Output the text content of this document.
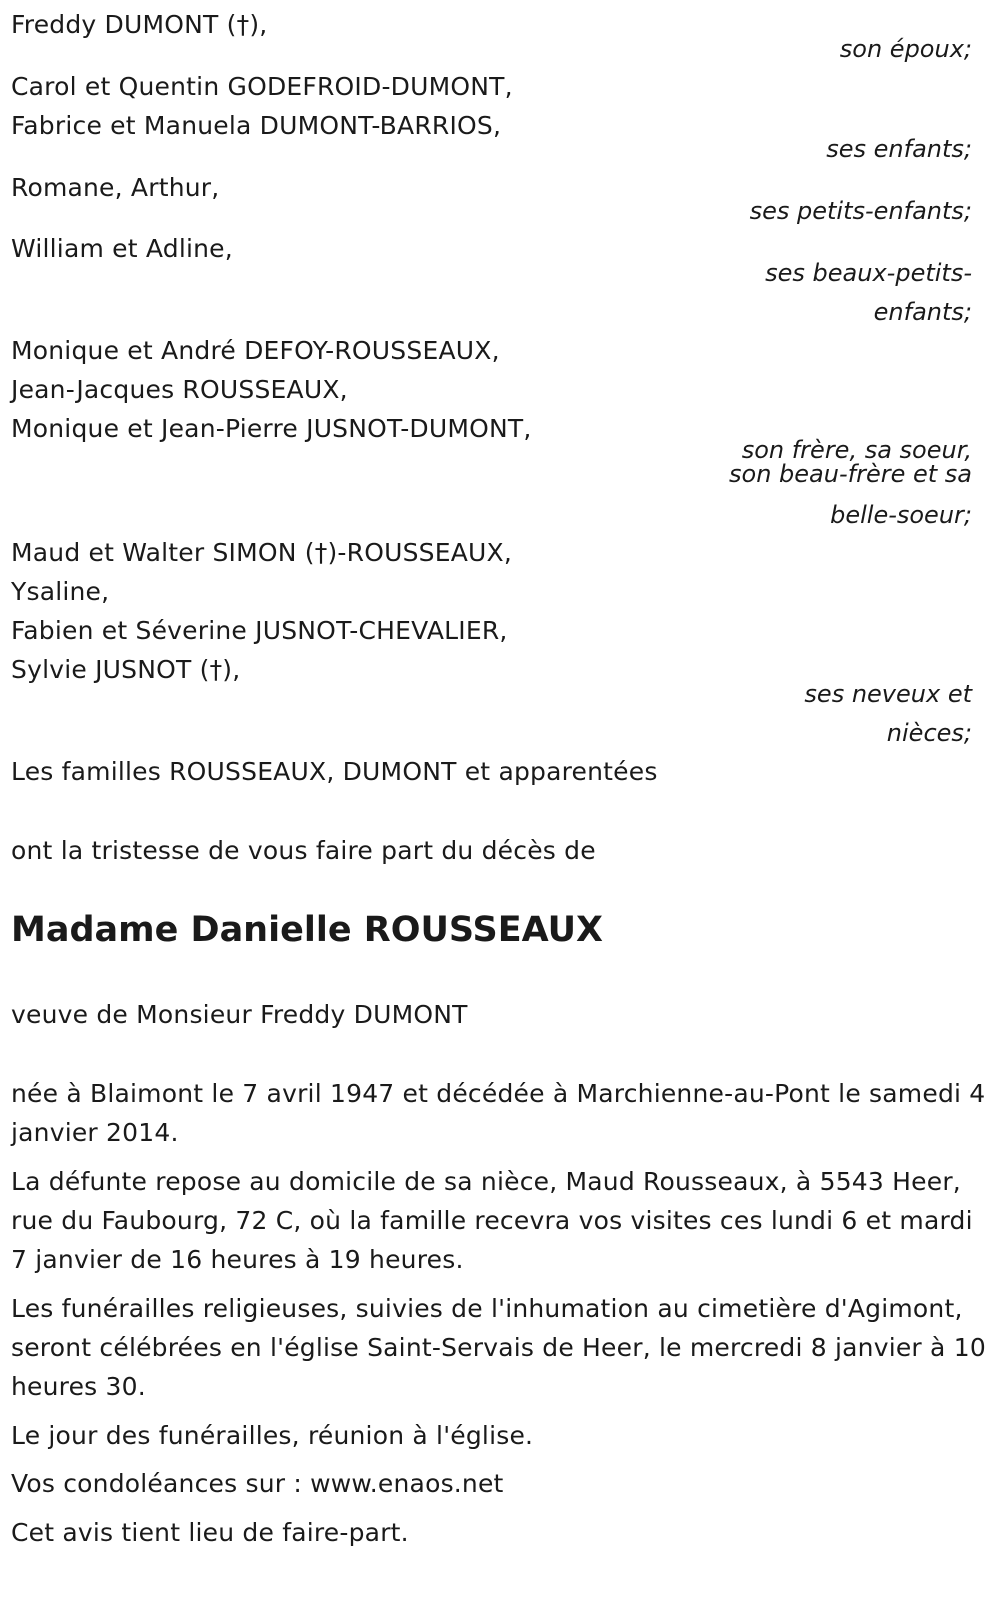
Freddy DUMONT (†),
son époux;
Carol et Quentin GODEFROID-DUMONT,
Fabrice et Manuela DUMONT-BARRIOS,
ses enfants;
Romane, Arthur,
ses petits-enfants;
William et Adline,
ses beaux-petits-
enfants;
Monique et André DEFOY-ROUSSEAUX,
Jean-Jacques ROUSSEAUX,
Monique et Jean-Pierre JUSNOT-DUMONT,
son frère, sa soeur,
son beau-frère et sa
belle-soeur;
Maud et Walter SIMON (†)-ROUSSEAUX,
Ysaline,
Fabien et Séverine JUSNOT-CHEVALIER,
Sylvie JUSNOT (†),
ses neveux et
nièces;
Les familles ROUSSEAUX, DUMONT et apparentées
ont la tristesse de vous faire part du décès de
Madame Danielle ROUSSEAUX
veuve de Monsieur Freddy DUMONT
née à Blaimont le 7 avril 1947 et décédée à Marchienne-au-Pont le samedi 4 janvier 2014.
La défunte repose au domicile de sa nièce, Maud Rousseaux, à 5543 Heer, rue du Faubourg, 72 C, où la famille recevra vos visites ces lundi 6 et mardi 7 janvier de 16 heures à 19 heures.
Les funérailles religieuses, suivies de l'inhumation au cimetière d'Agimont, seront célébrées en l'église Saint-Servais de Heer, le mercredi 8 janvier à 10 heures 30.
Le jour des funérailles, réunion à l'église.
Vos condoléances sur : www.enaos.net
Cet avis tient lieu de faire-part.
